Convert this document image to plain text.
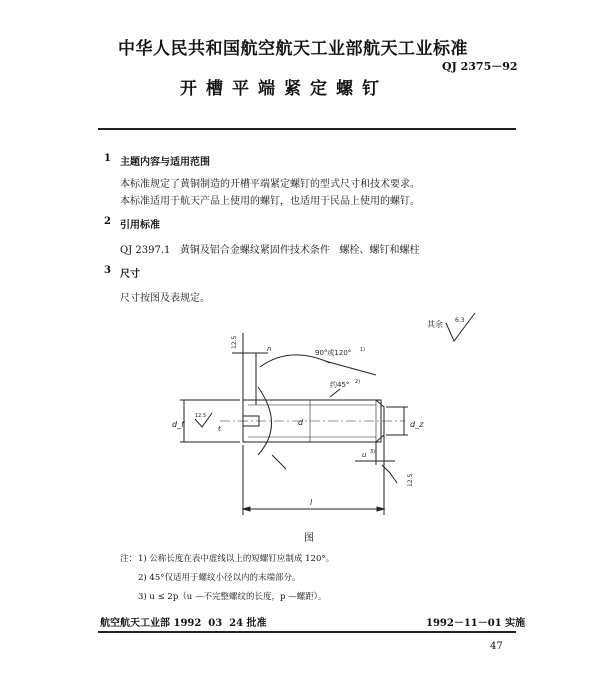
中华人民共和国航空航天工业部航天工业标准
QJ 2375－92
开槽平端紧定螺钉
1 主题内容与适用范围
本标准规定了黄铜制造的开槽平端紧定螺钉的型式尺寸和技术要求。
本标准适用于航天产品上使用的螺钉，也适用于民品上使用的螺钉。
2 引用标准
QJ 2397.1   黄铜及铝合金螺纹紧固件技术条件   螺栓、螺钉和螺柱
3 尺寸
尺寸按图及表规定。
其余 6.3
12.5	n	90°或120° 1)
约45° 2)
d_f
12.5
t
d	d_z
u 3)
12.5
l
图
注： 1) 公称长度在表中虚线以上的短螺钉应制成 120°。
2) 45°仅适用于螺纹小径以内的末端部分。
3) u ≤ 2p（u —不完整螺纹的长度，p —螺距）。
航空航天工业部 1992  03  24 批准	1992－11－01 实施
47
